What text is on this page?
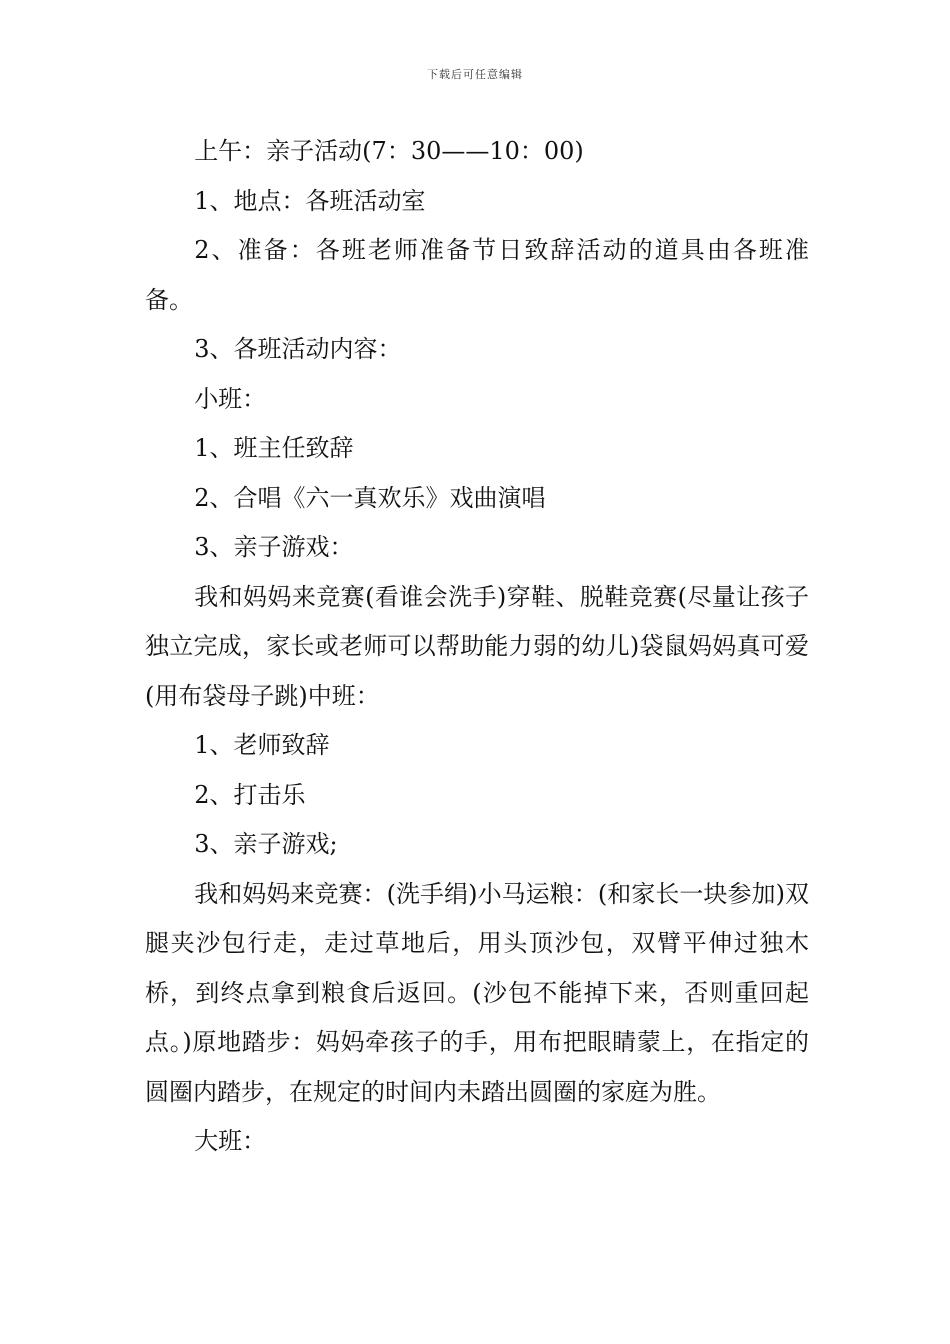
下载后可任意编辑

上午：亲子活动(7：30——10：00)

1、地点：各班活动室

2、准备：各班老师准备节日致辞活动的道具由各班准备。

3、各班活动内容：

小班：

1、班主任致辞

2、合唱《六一真欢乐》戏曲演唱

3、亲子游戏：

我和妈妈来竞赛(看谁会洗手)穿鞋、脱鞋竞赛(尽量让孩子独立完成，家长或老师可以帮助能力弱的幼儿)袋鼠妈妈真可爱(用布袋母子跳)中班：

1、老师致辞

2、打击乐

3、亲子游戏;

我和妈妈来竞赛：(洗手绢)小马运粮：(和家长一块参加)双腿夹沙包行走，走过草地后，用头顶沙包，双臂平伸过独木桥，到终点拿到粮食后返回。(沙包不能掉下来，否则重回起点。)原地踏步：妈妈牵孩子的手，用布把眼睛蒙上，在指定的圆圈内踏步，在规定的时间内未踏出圆圈的家庭为胜。

大班：
